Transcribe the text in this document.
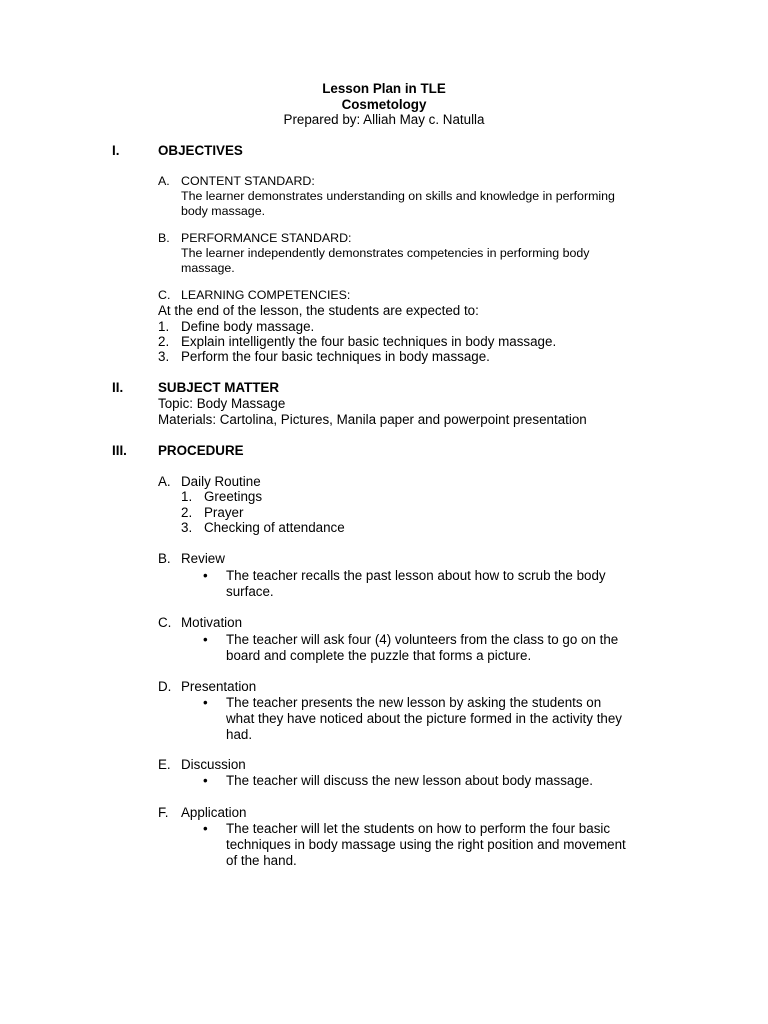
Lesson Plan in TLE
Cosmetology
Prepared by: Alliah May c. Natulla
I.	OBJECTIVES
A. CONTENT STANDARD:
The learner demonstrates understanding on skills and knowledge in performing
body massage.
B. PERFORMANCE STANDARD:
The learner independently demonstrates competencies in performing body
massage.
C. LEARNING COMPETENCIES:
At the end of the lesson, the students are expected to:
1. Define body massage.
2. Explain intelligently the four basic techniques in body massage.
3. Perform the four basic techniques in body massage.
II.	SUBJECT MATTER
Topic: Body Massage
Materials: Cartolina, Pictures, Manila paper and powerpoint presentation
III. PROCEDURE
A. Daily Routine
1. Greetings
2. Prayer
3. Checking of attendance
B. Review
• The teacher recalls the past lesson about how to scrub the body
surface.
C. Motivation
• The teacher will ask four (4) volunteers from the class to go on the
board and complete the puzzle that forms a picture.
D. Presentation
• The teacher presents the new lesson by asking the students on
what they have noticed about the picture formed in the activity they
had.
E. Discussion
• The teacher will discuss the new lesson about body massage.
F. Application
• The teacher will let the students on how to perform the four basic
techniques in body massage using the right position and movement
of the hand.
